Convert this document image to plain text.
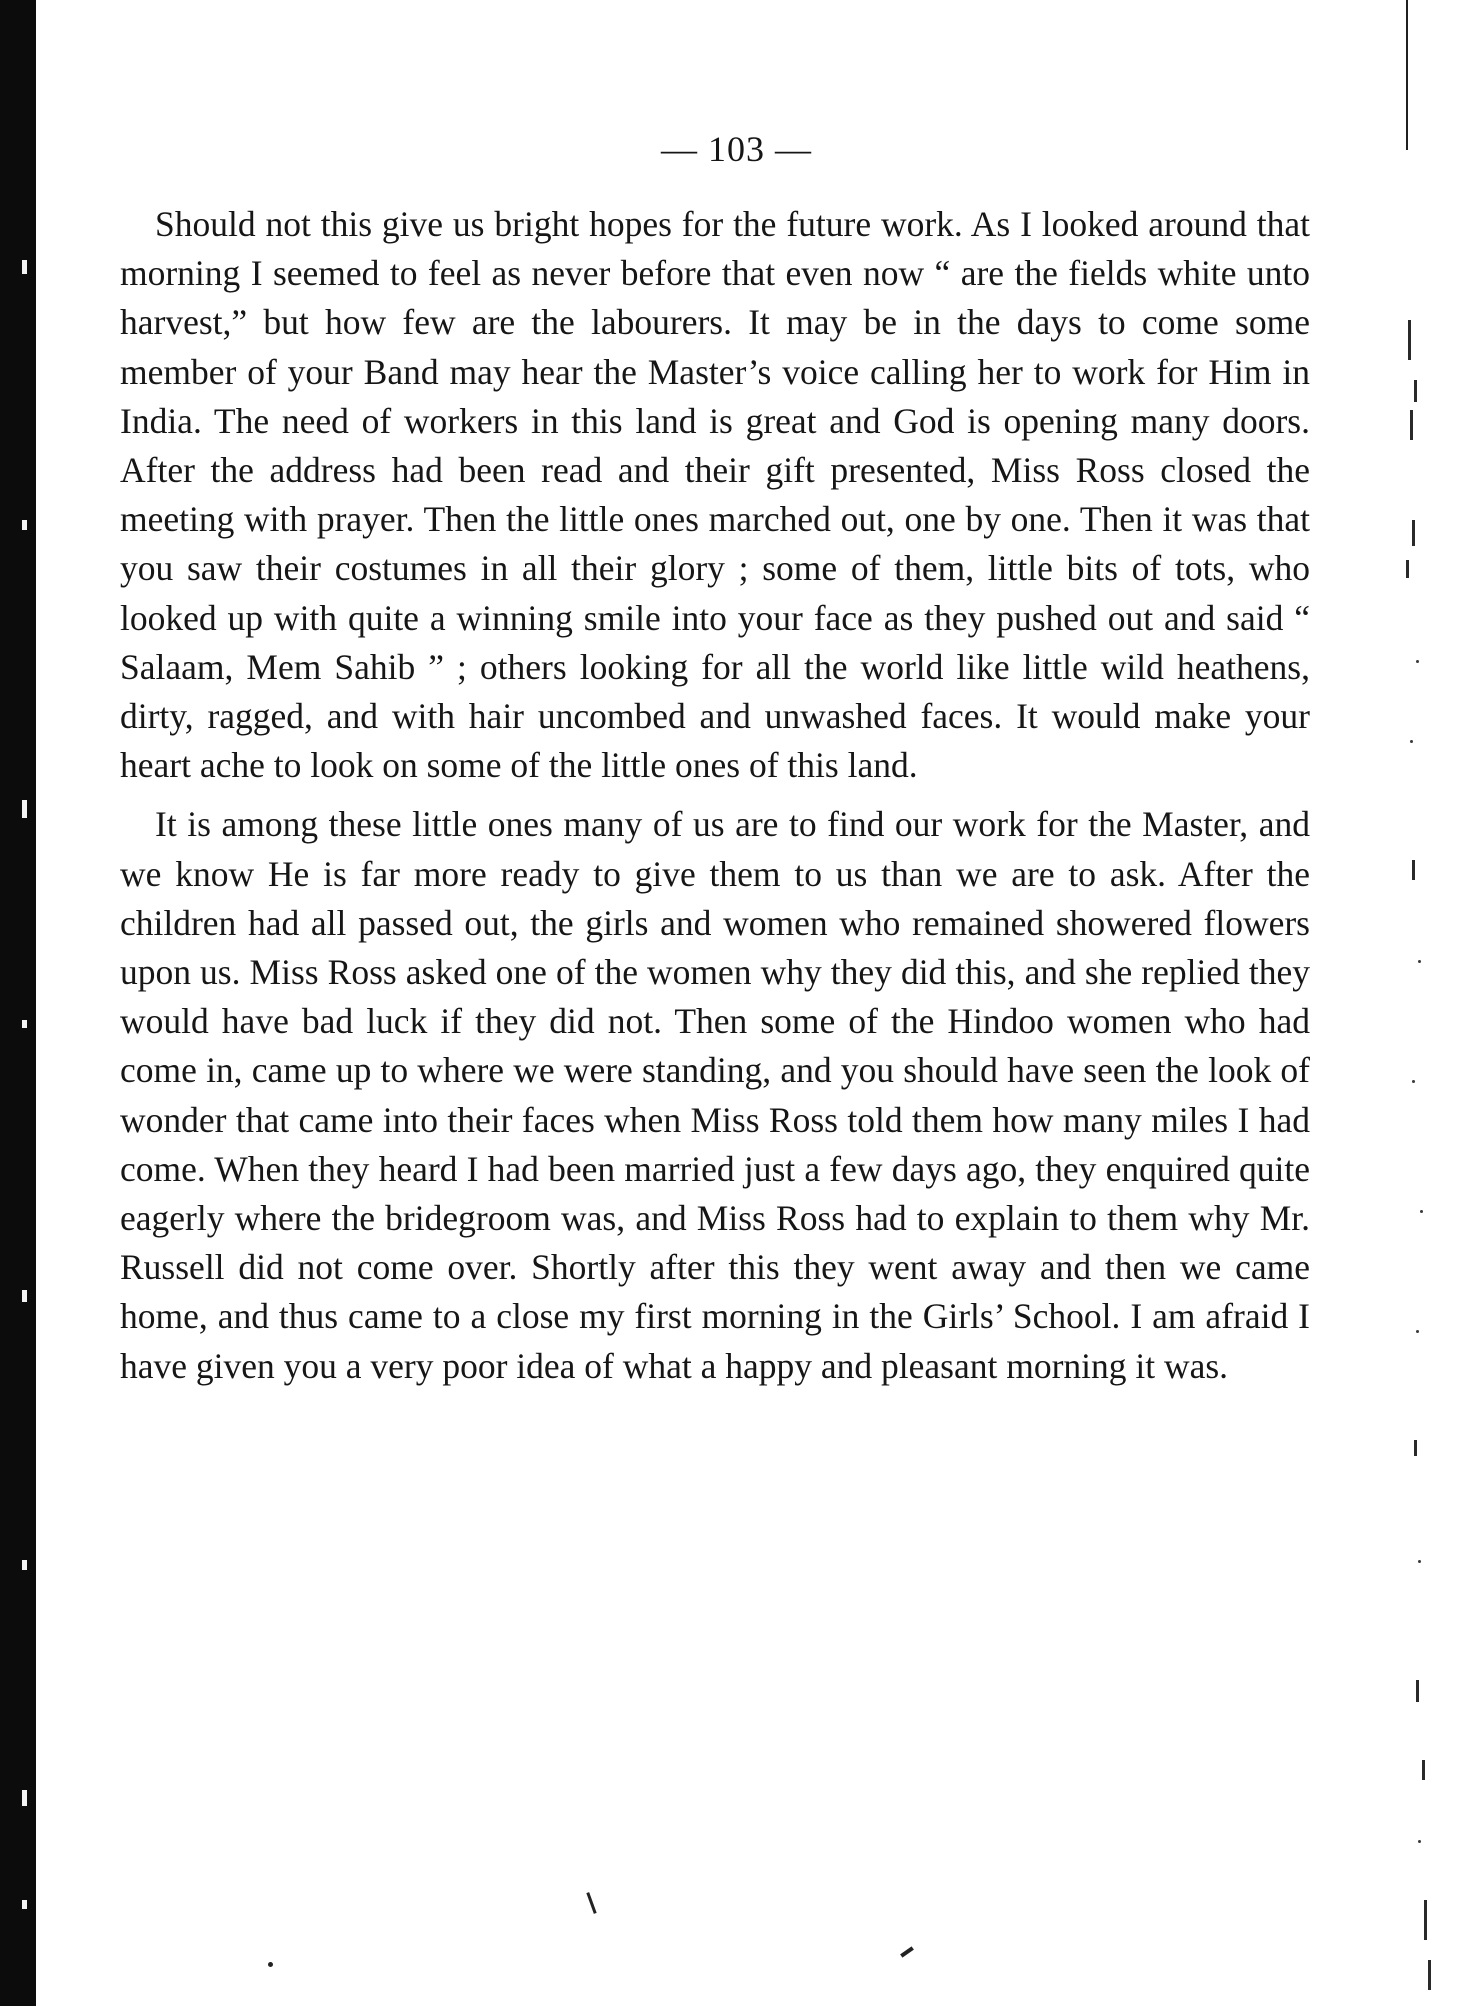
— 103 —

Should not this give us bright hopes for the future work. As I looked around that morning I seemed to feel as never before that even now “ are the fields white unto harvest,” but how few are the labourers. It may be in the days to come some member of your Band may hear the Master’s voice calling her to work for Him in India. The need of workers in this land is great and God is opening many doors. After the address had been read and their gift presented, Miss Ross closed the meeting with prayer. Then the little ones marched out, one by one. Then it was that you saw their costumes in all their glory ; some of them, little bits of tots, who looked up with quite a winning smile into your face as they pushed out and said “ Salaam, Mem Sahib ” ; others looking for all the world like little wild heathens, dirty, ragged, and with hair uncombed and unwashed faces. It would make your heart ache to look on some of the little ones of this land.

It is among these little ones many of us are to find our work for the Master, and we know He is far more ready to give them to us than we are to ask. After the children had all passed out, the girls and women who remained showered flowers upon us. Miss Ross asked one of the women why they did this, and she replied they would have bad luck if they did not. Then some of the Hindoo women who had come in, came up to where we were standing, and you should have seen the look of wonder that came into their faces when Miss Ross told them how many miles I had come. When they heard I had been married just a few days ago, they enquired quite eagerly where the bridegroom was, and Miss Ross had to explain to them why Mr. Russell did not come over. Shortly after this they went away and then we came home, and thus came to a close my first morning in the Girls’ School. I am afraid I have given you a very poor idea of what a happy and pleasant morning it was.
